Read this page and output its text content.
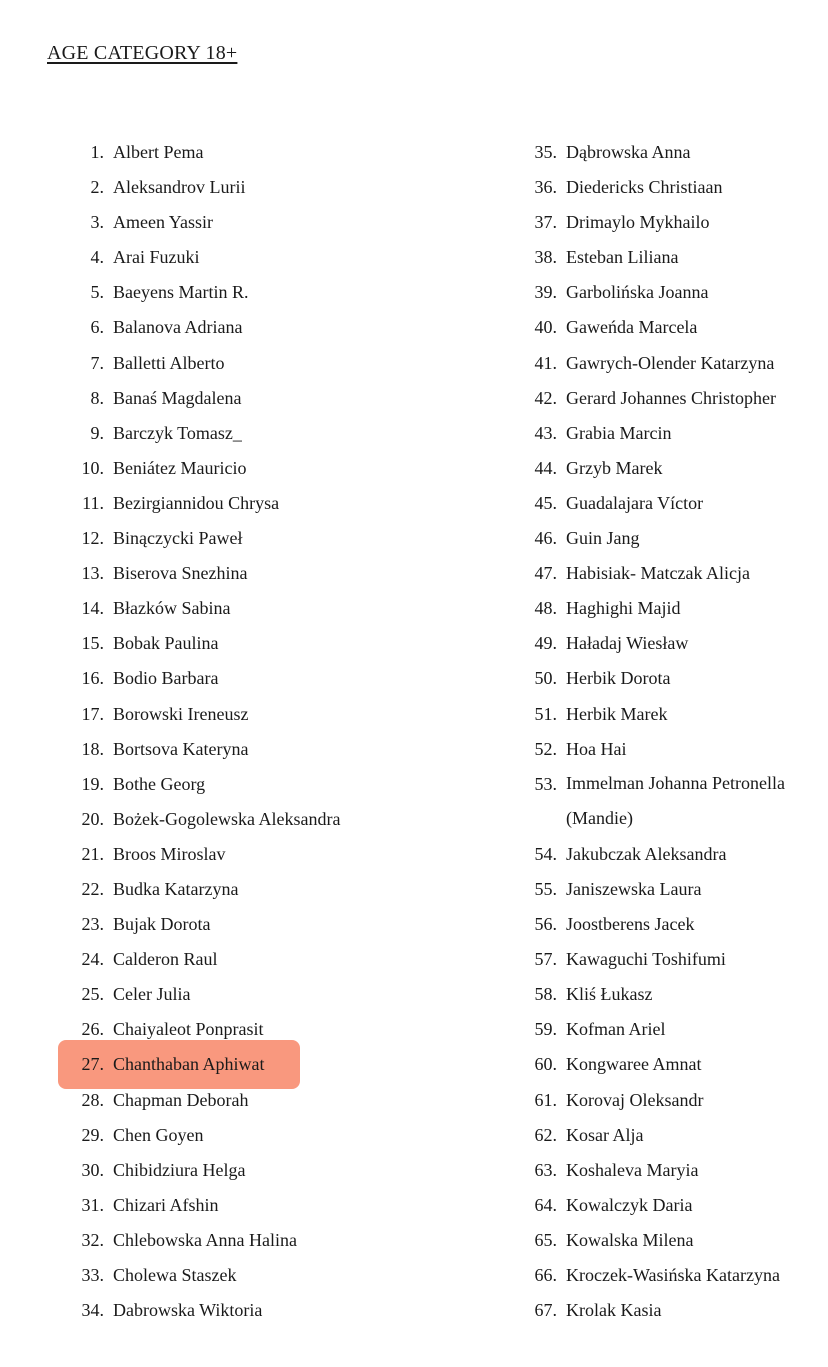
AGE CATEGORY 18+
1. Albert Pema
2. Aleksandrov Lurii
3. Ameen Yassir
4. Arai Fuzuki
5. Baeyens Martin R.
6. Balanova Adriana
7. Balletti Alberto
8. Banaś Magdalena
9. Barczyk Tomasz_
10. Beniátez Mauricio
11. Bezirgiannidou Chrysa
12. Binączycki Paweł
13. Biserova Snezhina
14. Błazków Sabina
15. Bobak Paulina
16. Bodio Barbara
17. Borowski Ireneusz
18. Bortsova Kateryna
19. Bothe Georg
20. Bożek-Gogolewska Aleksandra
21. Broos Miroslav
22. Budka Katarzyna
23. Bujak Dorota
24. Calderon Raul
25. Celer Julia
26. Chaiyaleot Ponprasit
27. Chanthaban Aphiwat
28. Chapman Deborah
29. Chen Goyen
30. Chibidziura Helga
31. Chizari Afshin
32. Chlebowska Anna Halina
33. Cholewa Staszek
34. Dabrowska Wiktoria
35. Dąbrowska Anna
36. Diedericks Christiaan
37. Drimaylo Mykhailo
38. Esteban Liliana
39. Garbolińska Joanna
40. Gaweńda Marcela
41. Gawrych-Olender Katarzyna
42. Gerard Johannes Christopher
43. Grabia Marcin
44. Grzyb Marek
45. Guadalajara Víctor
46. Guin Jang
47. Habisiak- Matczak Alicja
48. Haghighi Majid
49. Haładaj Wiesław
50. Herbik Dorota
51. Herbik Marek
52. Hoa Hai
53. Immelman Johanna Petronella (Mandie)
54. Jakubczak Aleksandra
55. Janiszewska Laura
56. Joostberens Jacek
57. Kawaguchi Toshifumi
58. Kliś Łukasz
59. Kofman Ariel
60. Kongwaree Amnat
61. Korovaj Oleksandr
62. Kosar Alja
63. Koshaleva Maryia
64. Kowalczyk Daria
65. Kowalska Milena
66. Kroczek-Wasińska Katarzyna
67. Krolak Kasia
